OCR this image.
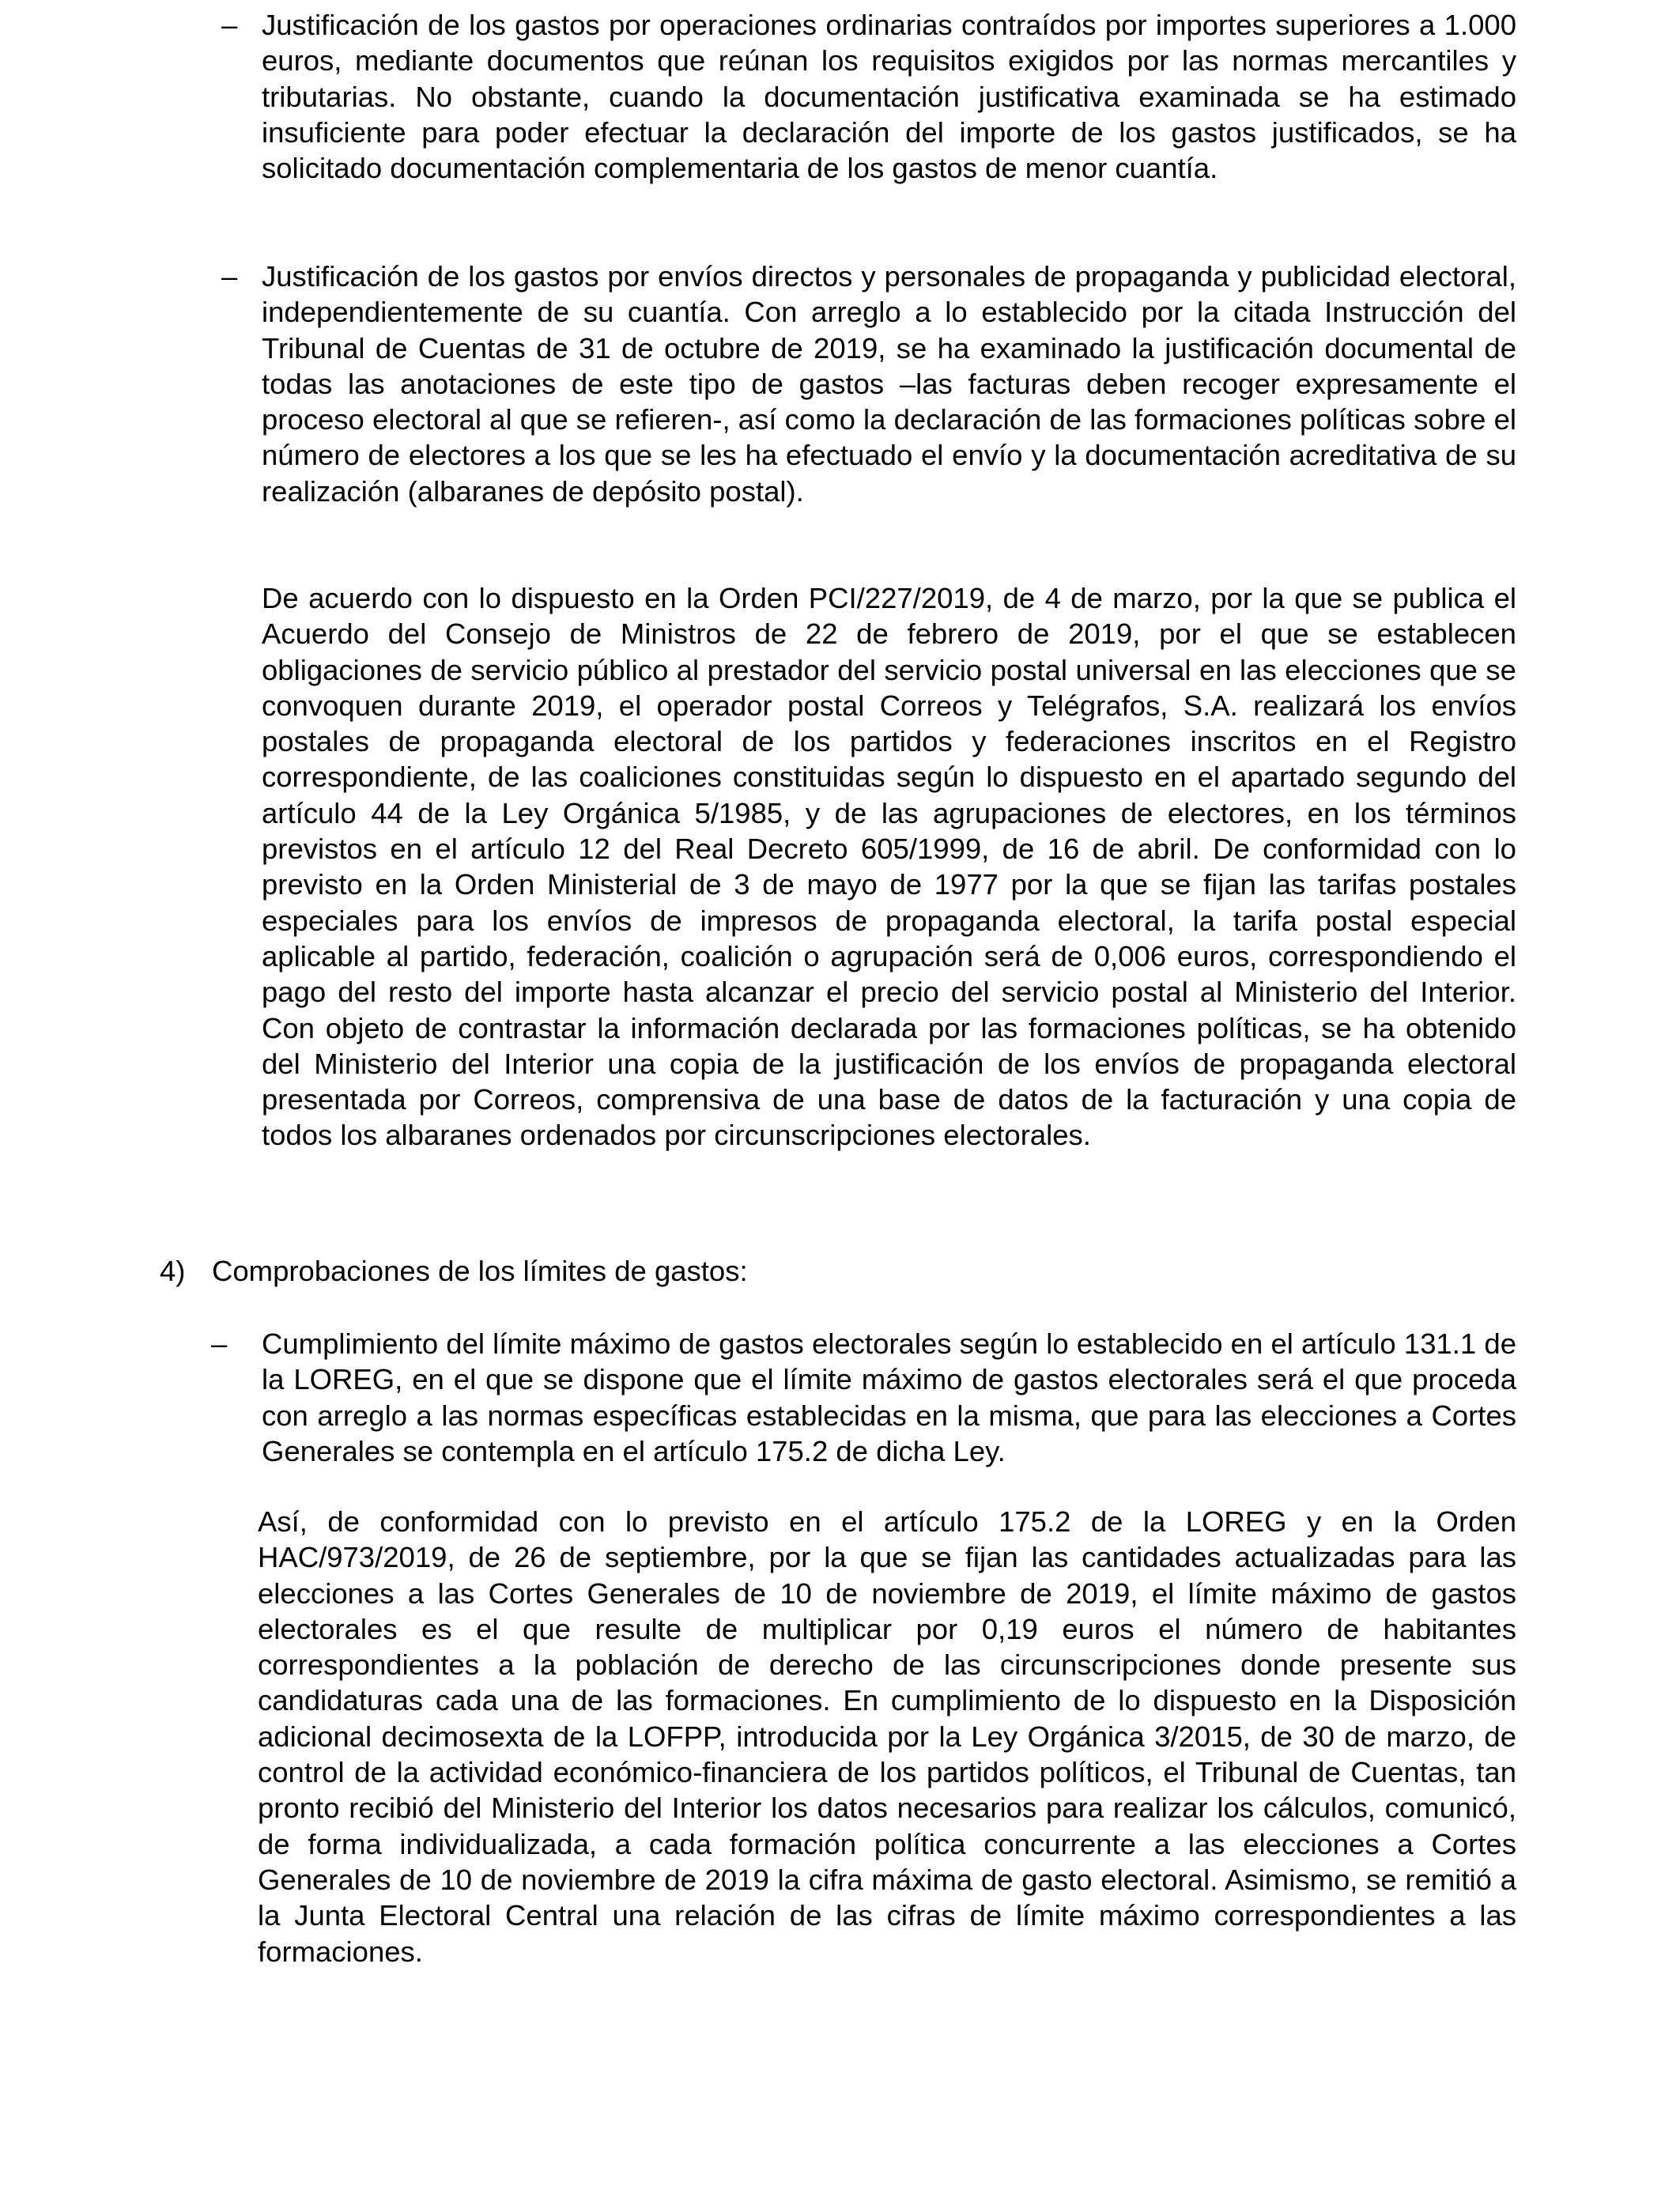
– Justificación de los gastos por operaciones ordinarias contraídos por importes superiores a 1.000 euros, mediante documentos que reúnan los requisitos exigidos por las normas mercantiles y tributarias. No obstante, cuando la documentación justificativa examinada se ha estimado insuficiente para poder efectuar la declaración del importe de los gastos justificados, se ha solicitado documentación complementaria de los gastos de menor cuantía.

– Justificación de los gastos por envíos directos y personales de propaganda y publicidad electoral, independientemente de su cuantía. Con arreglo a lo establecido por la citada Instrucción del Tribunal de Cuentas de 31 de octubre de 2019, se ha examinado la justificación documental de todas las anotaciones de este tipo de gastos –las facturas deben recoger expresamente el proceso electoral al que se refieren-, así como la declaración de las formaciones políticas sobre el número de electores a los que se les ha efectuado el envío y la documentación acreditativa de su realización (albaranes de depósito postal).

De acuerdo con lo dispuesto en la Orden PCI/227/2019, de 4 de marzo, por la que se publica el Acuerdo del Consejo de Ministros de 22 de febrero de 2019, por el que se establecen obligaciones de servicio público al prestador del servicio postal universal en las elecciones que se convoquen durante 2019, el operador postal Correos y Telégrafos, S.A. realizará los envíos postales de propaganda electoral de los partidos y federaciones inscritos en el Registro correspondiente, de las coaliciones constituidas según lo dispuesto en el apartado segundo del artículo 44 de la Ley Orgánica 5/1985, y de las agrupaciones de electores, en los términos previstos en el artículo 12 del Real Decreto 605/1999, de 16 de abril. De conformidad con lo previsto en la Orden Ministerial de 3 de mayo de 1977 por la que se fijan las tarifas postales especiales para los envíos de impresos de propaganda electoral, la tarifa postal especial aplicable al partido, federación, coalición o agrupación será de 0,006 euros, correspondiendo el pago del resto del importe hasta alcanzar el precio del servicio postal al Ministerio del Interior. Con objeto de contrastar la información declarada por las formaciones políticas, se ha obtenido del Ministerio del Interior una copia de la justificación de los envíos de propaganda electoral presentada por Correos, comprensiva de una base de datos de la facturación y una copia de todos los albaranes ordenados por circunscripciones electorales.

4) Comprobaciones de los límites de gastos:
– Cumplimiento del límite máximo de gastos electorales según lo establecido en el artículo 131.1 de la LOREG, en el que se dispone que el límite máximo de gastos electorales será el que proceda con arreglo a las normas específicas establecidas en la misma, que para las elecciones a Cortes Generales se contempla en el artículo 175.2 de dicha Ley.

Así, de conformidad con lo previsto en el artículo 175.2 de la LOREG y en la Orden HAC/973/2019, de 26 de septiembre, por la que se fijan las cantidades actualizadas para las elecciones a las Cortes Generales de 10 de noviembre de 2019, el límite máximo de gastos electorales es el que resulte de multiplicar por 0,19 euros el número de habitantes correspondientes a la población de derecho de las circunscripciones donde presente sus candidaturas cada una de las formaciones. En cumplimiento de lo dispuesto en la Disposición adicional decimosexta de la LOFPP, introducida por la Ley Orgánica 3/2015, de 30 de marzo, de control de la actividad económico-financiera de los partidos políticos, el Tribunal de Cuentas, tan pronto recibió del Ministerio del Interior los datos necesarios para realizar los cálculos, comunicó, de forma individualizada, a cada formación política concurrente a las elecciones a Cortes Generales de 10 de noviembre de 2019 la cifra máxima de gasto electoral. Asimismo, se remitió a la Junta Electoral Central una relación de las cifras de límite máximo correspondientes a las formaciones.
